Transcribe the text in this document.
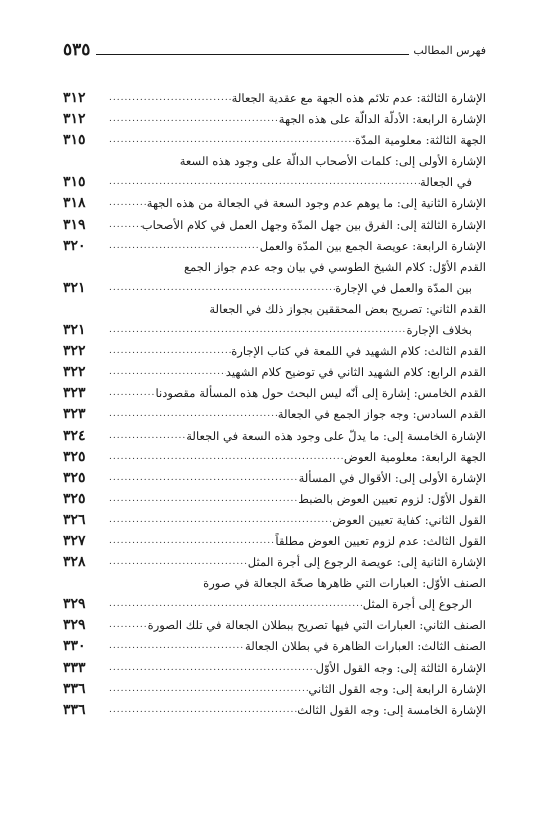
فهرس المطالب
٥٣٥
الإشارة الثالثة: عدم تلائم هذه الجهة مع عقدية الجعالة
.....
٣١٢
الإشارة الرابعة: الأدلّة الدالّة على هذه الجهة
.....
٣١٢
الجهة الثالثة: معلومية المدّة
.....
٣١٥
الإشارة الأولى إلى: كلمات الأصحاب الدالّة على وجود هذه السعة
في الجعالة
.....
٣١٥
الإشارة الثانية إلى: ما يوهم عدم وجود السعة في الجعالة من هذه الجهة
.....
٣١٨
الإشارة الثالثة إلى: الفرق بين جهل المدّة وجهل العمل في كلام الأصحاب
.....
٣١٩
الإشارة الرابعة: عويصة الجمع بين المدّة والعمل
.....
٣٢٠
القدم الأوّل: كلام الشيخ الطوسي في بيان وجه عدم جواز الجمع
بين المدّة والعمل في الإجارة
.....
٣٢١
القدم الثاني: تصريح بعض المحققين بجواز ذلك في الجعالة
بخلاف الإجارة
.....
٣٢١
القدم الثالث: كلام الشهيد في اللمعة في كتاب الإجارة
.....
٣٢٢
القدم الرابع: كلام الشهيد الثاني في توضيح كلام الشهيد
.....
٣٢٢
القدم الخامس: إشارة إلى أنّه ليس البحث حول هذه المسألة مقصودنا
.....
٣٢٣
القدم السادس: وجه جواز الجمع في الجعالة
.....
٣٢٣
الإشارة الخامسة إلى: ما يدلّ على وجود هذه السعة في الجعالة
.....
٣٢٤
الجهة الرابعة: معلومية العوض
.....
٣٢٥
الإشارة الأولى إلى: الأقوال في المسألة
.....
٣٢٥
القول الأوّل: لزوم تعيين العوض بالضبط
.....
٣٢٥
القول الثاني: كفاية تعيين العوض
.....
٣٢٦
القول الثالث: عدم لزوم تعيين العوض مطلقاً
.....
٣٢٧
الإشارة الثانية إلى: عويصة الرجوع إلى أجرة المثل
.....
٣٢٨
الصنف الأوّل: العبارات التي ظاهرها صحّة الجعالة في صورة
الرجوع إلى أجرة المثل
.....
٣٢٩
الصنف الثاني: العبارات التي فيها تصريح ببطلان الجعالة في تلك الصورة
.....
٣٢٩
الصنف الثالث: العبارات الظاهرة في بطلان الجعالة
.....
٣٣٠
الإشارة الثالثة إلى: وجه القول الأوّل
.....
٣٣٣
الإشارة الرابعة إلى: وجه القول الثاني
.....
٣٣٦
الإشارة الخامسة إلى: وجه القول الثالث
.....
٣٣٦
